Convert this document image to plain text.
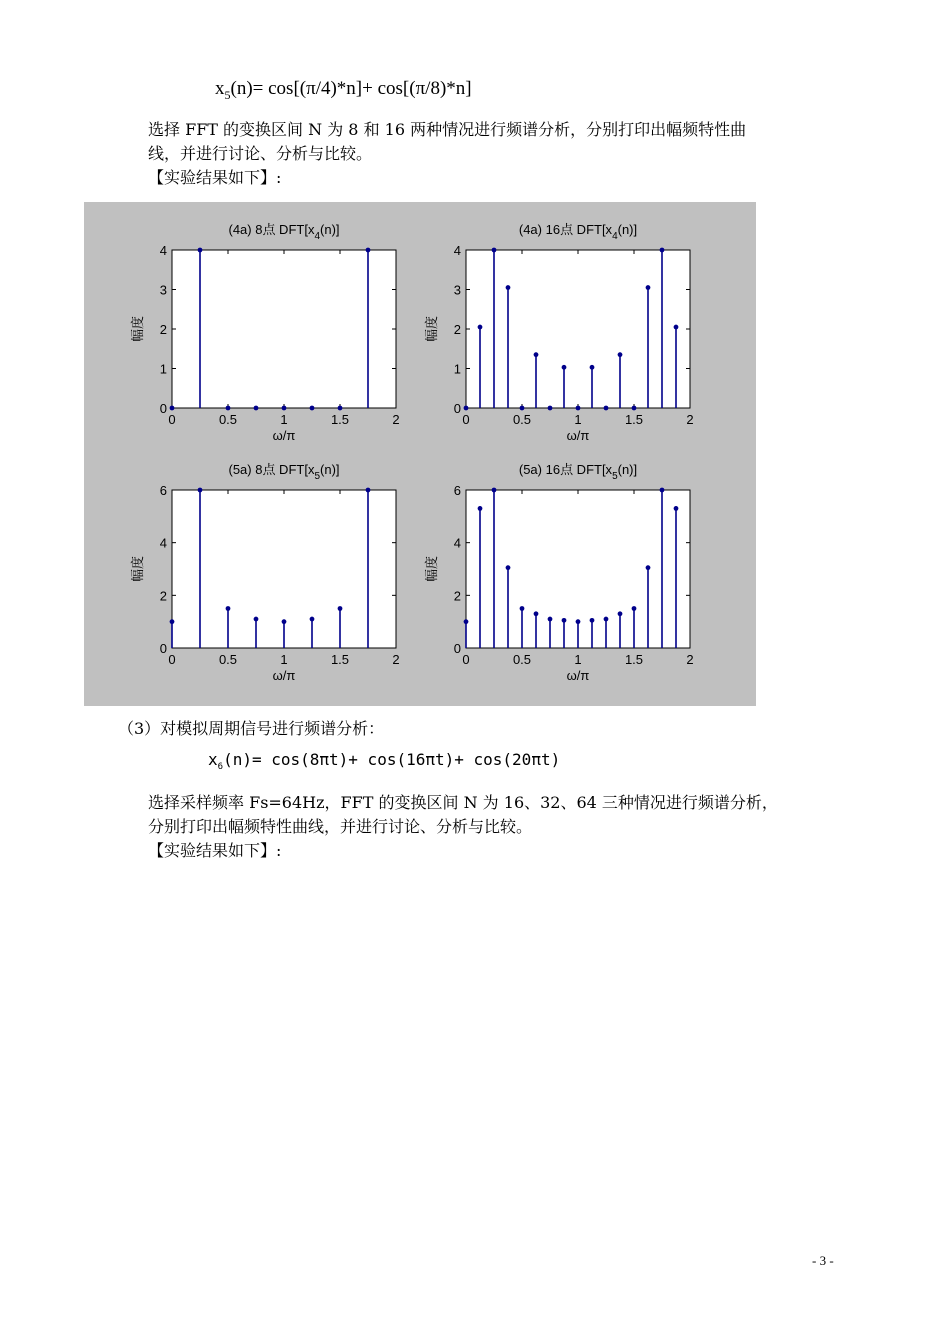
$x_5(n)= \cos[(\pi/4)*n]+ \cos[(\pi/8)*n]$
选择 FFT 的变换区间 N 为 8 和 16 两种情况进行频谱分析，分别打印出幅频特性曲
线，并进行讨论、分析与比较。
【实验结果如下】:
0	0.5	1	1.5	2
0
1
2
3
4
(4a) 8点 $DFT[x_4(n)]$
ω/π
幅度
0	0.5	1	1.5	2
0
1
2
3
4
(4a) 16点 $DFT[x_4(n)]$
ω/π
幅度
0	0.5	1	1.5	2
0
2
4
6
(5a) 8点 $DFT[x_5(n)]$
ω/π
幅度
0	0.5	1	1.5	2
0
2
4
6
(5a) 16点 $DFT[x_5(n)]$
ω/π
幅度
（3）对模拟周期信号进行频谱分析：
$x_6(n)= \cos(8\pi t)+ \cos(16\pi t)+ \cos(20\pi t)$
选择采样频率 Fs=64Hz，FFT 的变换区间 N 为 16、32、64 三种情况进行频谱分析，
分别打印出幅频特性曲线，并进行讨论、分析与比较。
【实验结果如下】:
- 3 -
